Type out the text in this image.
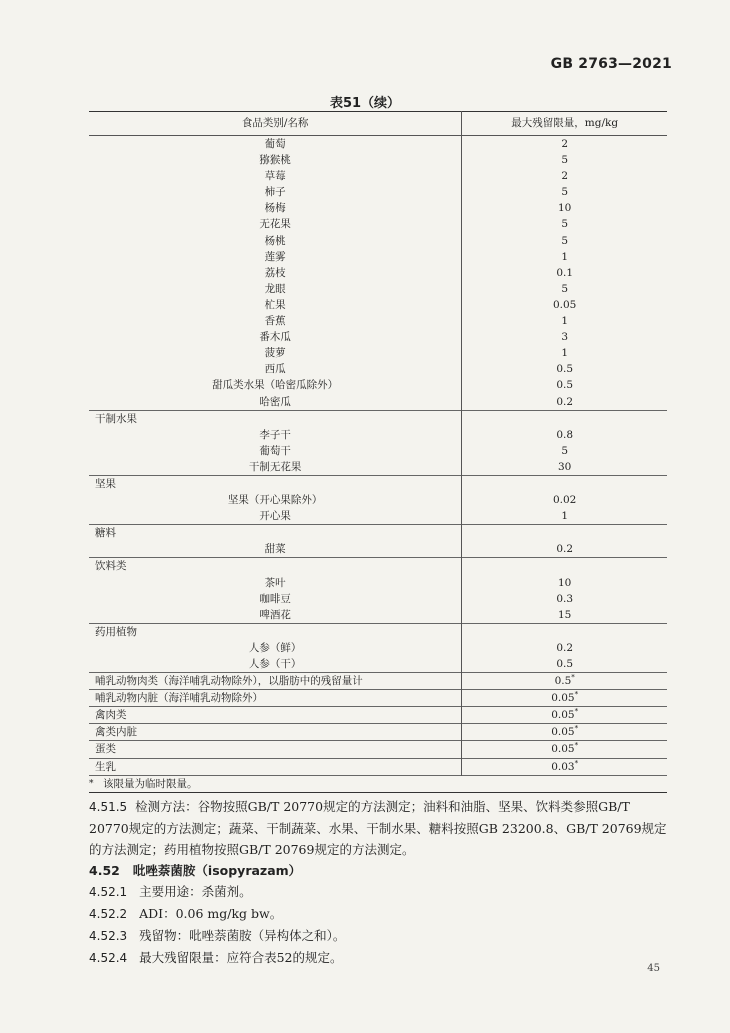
GB 2763—2021
表51（续）
食品类别/名称	最大残留限量，mg/kg
葡萄	2
猕猴桃	5
草莓	2
柿子	5
杨梅	10
无花果	5
杨桃	5
莲雾	1
荔枝	0.1
龙眼	5
杧果	0.05
香蕉	1
番木瓜	3
菠萝	1
西瓜	0.5
甜瓜类水果（哈密瓜除外）	0.5
哈密瓜	0.2
干制水果	
李子干	0.8
葡萄干	5
干制无花果	30
坚果	
坚果（开心果除外）	0.02
开心果	1
糖料	
甜菜	0.2
饮料类	
茶叶	10
咖啡豆	0.3
啤酒花	15
药用植物	
人参（鲜）	0.2
人参（干）	0.5
哺乳动物肉类（海洋哺乳动物除外），以脂肪中的残留量计	0.5*
哺乳动物内脏（海洋哺乳动物除外）	0.05*
禽肉类	0.05*
禽类内脏	0.05*
蛋类	0.05*
生乳	0.03*
* 该限量为临时限量。	

4.51.5 检测方法：谷物按照GB/T 20770规定的方法测定；油料和油脂、坚果、饮料类参照GB/T 20770规定的方法测定；蔬菜、干制蔬菜、水果、干制水果、糖料按照GB 23200.8、GB/T 20769规定的方法测定；药用植物按照GB/T 20769规定的方法测定。

4.52 吡唑萘菌胺（isopyrazam）

4.52.1 主要用途：杀菌剂。

4.52.2 ADI：0.06 mg/kg bw。

4.52.3 残留物：吡唑萘菌胺（异构体之和）。

4.52.4 最大残留限量：应符合表52的规定。

45
